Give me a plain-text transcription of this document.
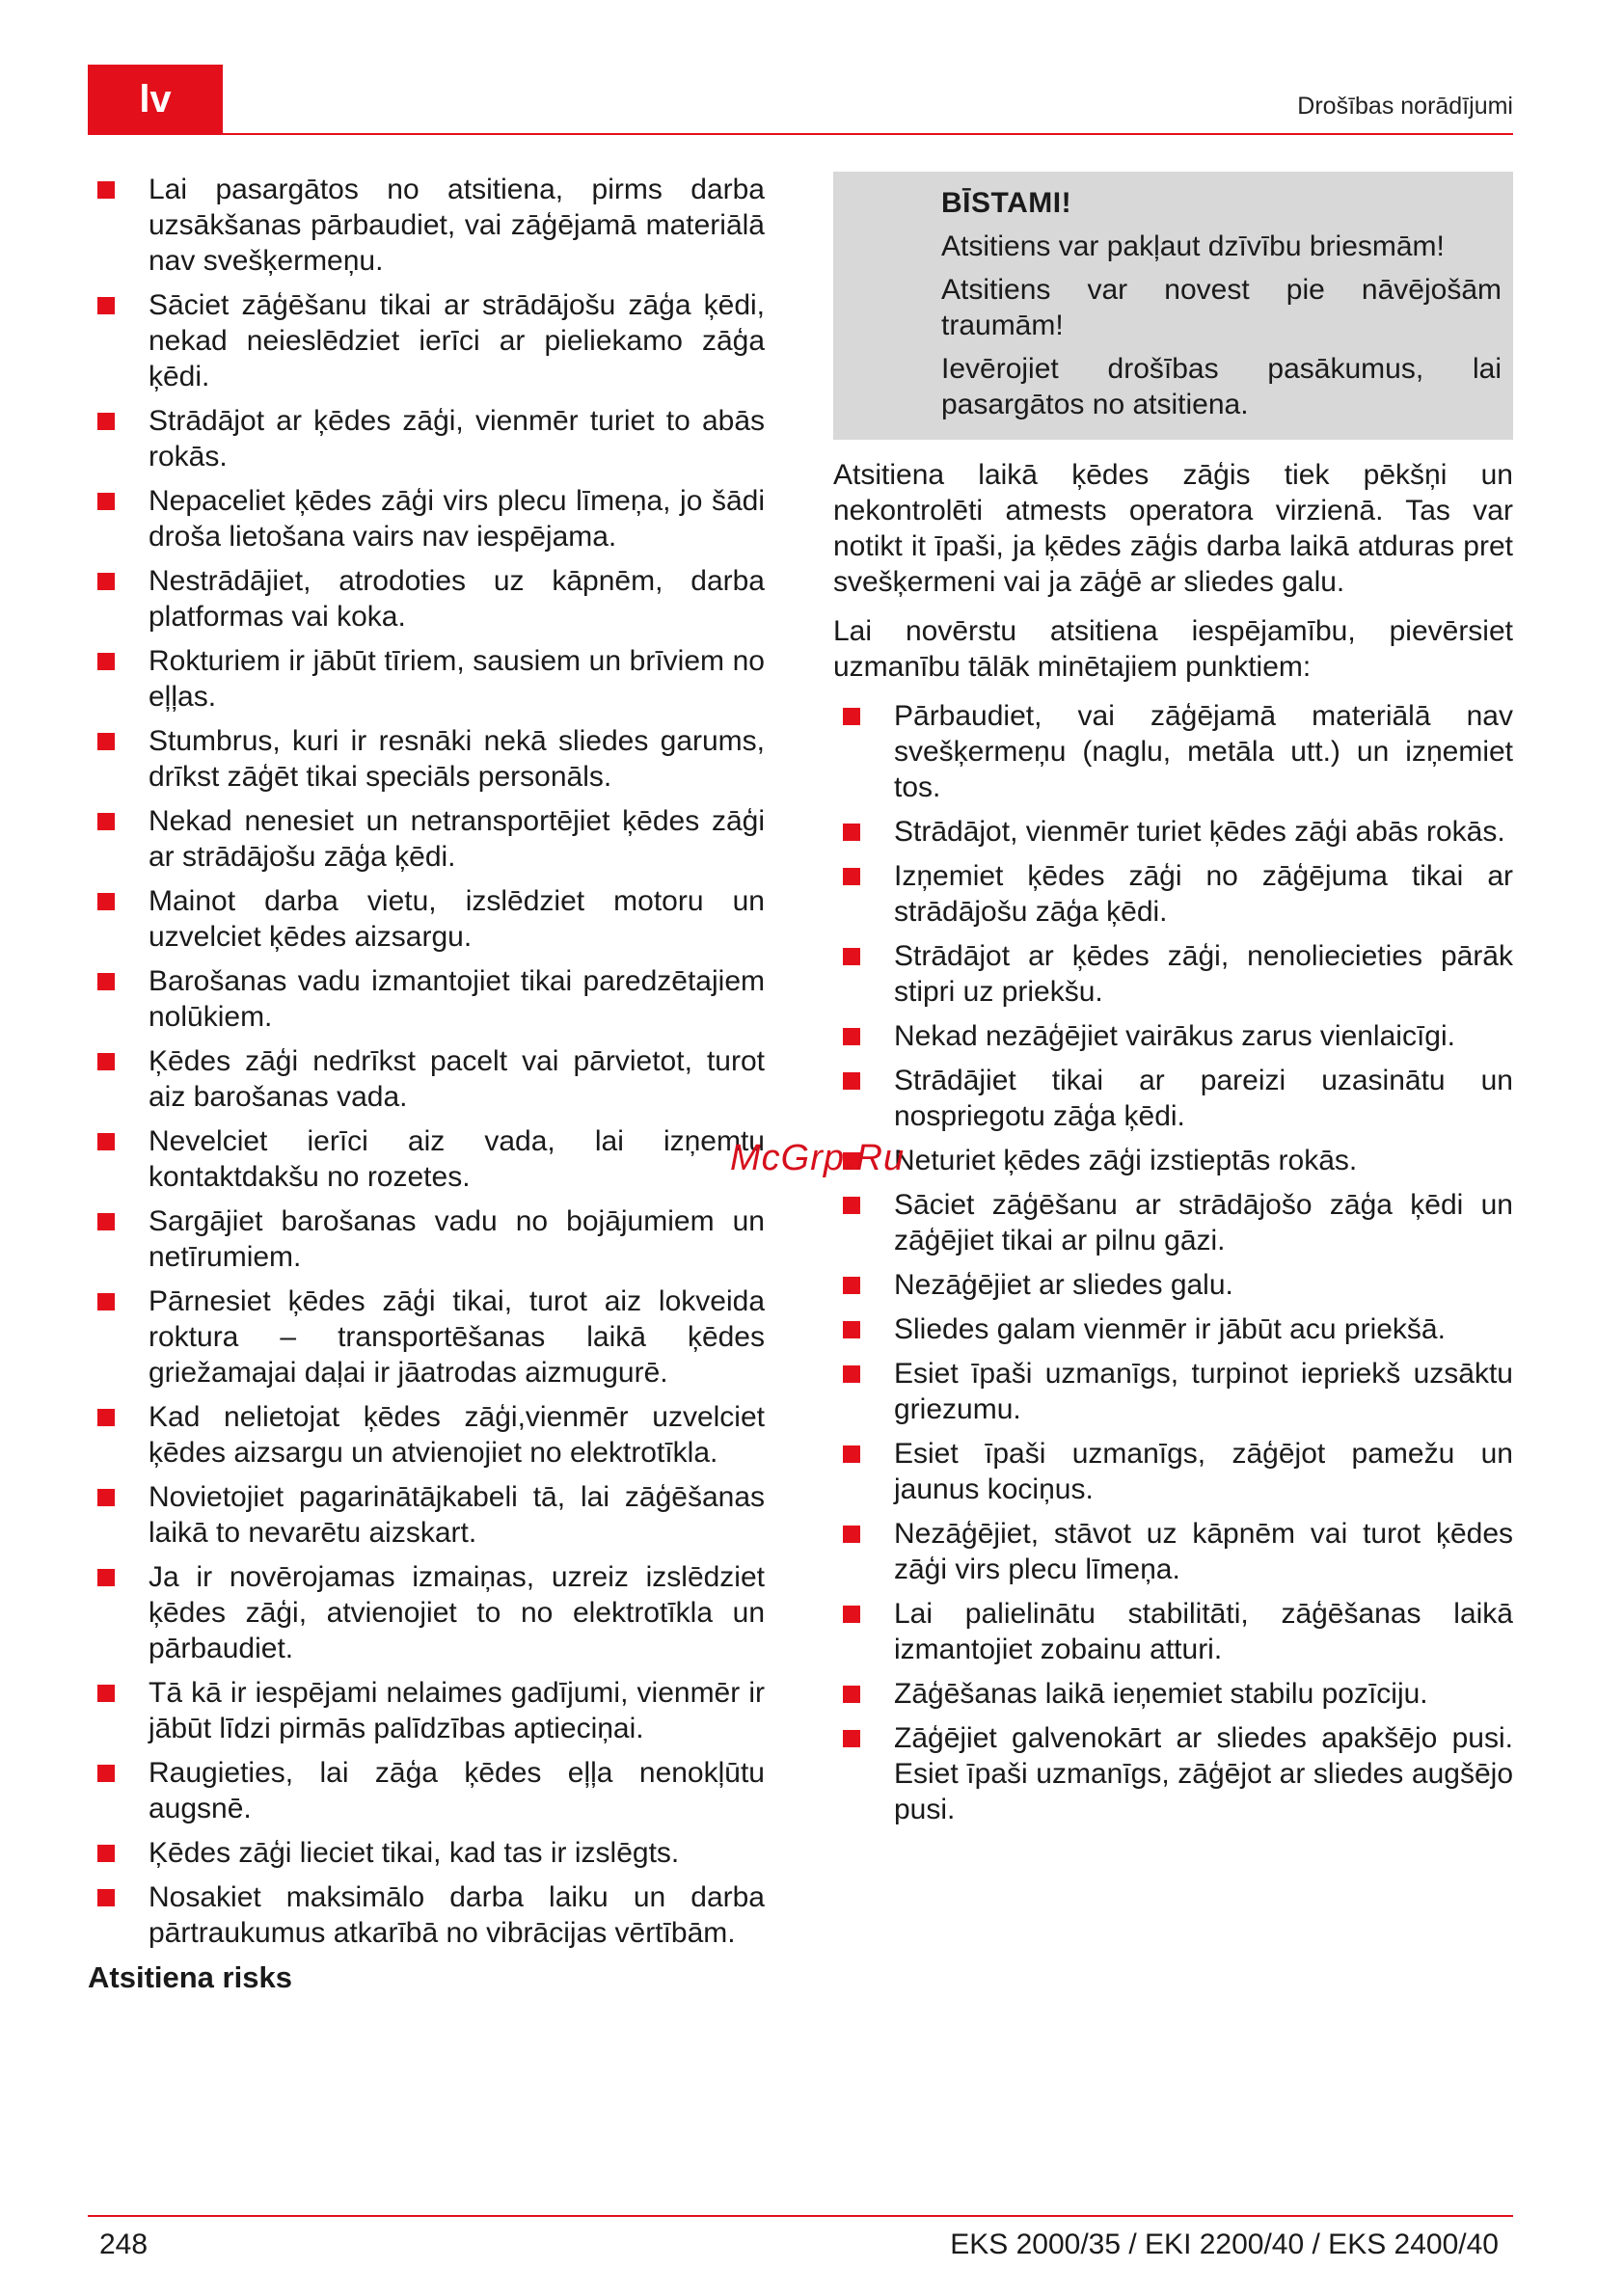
lv	Drošības norādījumi
Lai pasargātos no atsitiena, pirms darba uzsākšanas pārbaudiet, vai zāģējamā materiālā nav svešķermeņu.
Sāciet zāģēšanu tikai ar strādājošu zāģa ķēdi, nekad neieslēdziet ierīci ar pieliekamo zāģa ķēdi.
Strādājot ar ķēdes zāģi, vienmēr turiet to abās rokās.
Nepaceliet ķēdes zāģi virs plecu līmeņa, jo šādi droša lietošana vairs nav iespējama.
Nestrādājiet, atrodoties uz kāpnēm, darba platformas vai koka.
Rokturiem ir jābūt tīriem, sausiem un brīviem no eļļas.
Stumbrus, kuri ir resnāki nekā sliedes garums, drīkst zāģēt tikai speciāls personāls.
Nekad nenesiet un netransportējiet ķēdes zāģi ar strādājošu zāģa ķēdi.
Mainot darba vietu, izslēdziet motoru un uzvelciet ķēdes aizsargu.
Barošanas vadu izmantojiet tikai paredzētajiem nolūkiem.
Ķēdes zāģi nedrīkst pacelt vai pārvietot, turot aiz barošanas vada.
Nevelciet ierīci aiz vada, lai izņemtu kontaktdakšu no rozetes.
Sargājiet barošanas vadu no bojājumiem un netīrumiem.
Pārnesiet ķēdes zāģi tikai, turot aiz lokveida roktura – transportēšanas laikā ķēdes griežamajai daļai ir jāatrodas aizmugurē.
Kad nelietojat ķēdes zāģi,vienmēr uzvelciet ķēdes aizsargu un atvienojiet no elektrotīkla.
Novietojiet pagarinātājkabeli tā, lai zāģēšanas laikā to nevarētu aizskart.
Ja ir novērojamas izmaiņas, uzreiz izslēdziet ķēdes zāģi, atvienojiet to no elektrotīkla un pārbaudiet.
Tā kā ir iespējami nelaimes gadījumi, vienmēr ir jābūt līdzi pirmās palīdzības aptieciņai.
Raugieties, lai zāģa ķēdes eļļa nenokļūtu augsnē.
Ķēdes zāģi lieciet tikai, kad tas ir izslēgts.
Nosakiet maksimālo darba laiku un darba pārtraukumus atkarībā no vibrācijas vērtībām.
Atsitiena risks
BĪSTAMI!

Atsitiens var pakļaut dzīvību briesmām!

Atsitiens var novest pie nāvējošām traumām!

Ievērojiet drošības pasākumus, lai pasargātos no atsitiena.

Atsitiena laikā ķēdes zāģis tiek pēkšņi un nekontrolēti atmests operatora virzienā. Tas var notikt it īpaši, ja ķēdes zāģis darba laikā atduras pret svešķermeni vai ja zāģē ar sliedes galu.

Lai novērstu atsitiena iespējamību, pievērsiet uzmanību tālāk minētajiem punktiem:

Pārbaudiet, vai zāģējamā materiālā nav svešķermeņu (naglu, metāla utt.) un izņemiet tos.
Strādājot, vienmēr turiet ķēdes zāģi abās rokās.
Izņemiet ķēdes zāģi no zāģējuma tikai ar strādājošu zāģa ķēdi.
Strādājot ar ķēdes zāģi, nenoliecieties pārāk stipri uz priekšu.
Nekad nezāģējiet vairākus zarus vienlaicīgi.
Strādājiet tikai ar pareizi uzasinātu un nospriegotu zāģa ķēdi.
Neturiet ķēdes zāģi izstieptās rokās.
Sāciet zāģēšanu ar strādājošo zāģa ķēdi un zāģējiet tikai ar pilnu gāzi.
Nezāģējiet ar sliedes galu.
Sliedes galam vienmēr ir jābūt acu priekšā.
Esiet īpaši uzmanīgs, turpinot iepriekš uzsāktu griezumu.
Esiet īpaši uzmanīgs, zāģējot pamežu un jaunus kociņus.
Nezāģējiet, stāvot uz kāpnēm vai turot ķēdes zāģi virs plecu līmeņa.
Lai palielinātu stabilitāti, zāģēšanas laikā izmantojiet zobainu atturi.
Zāģēšanas laikā ieņemiet stabilu pozīciju.
Zāģējiet galvenokārt ar sliedes apakšējo pusi. Esiet īpaši uzmanīgs, zāģējot ar sliedes augšējo pusi.
McGrp.Ru
248	EKS 2000/35 / EKI 2200/40 / EKS 2400/40
